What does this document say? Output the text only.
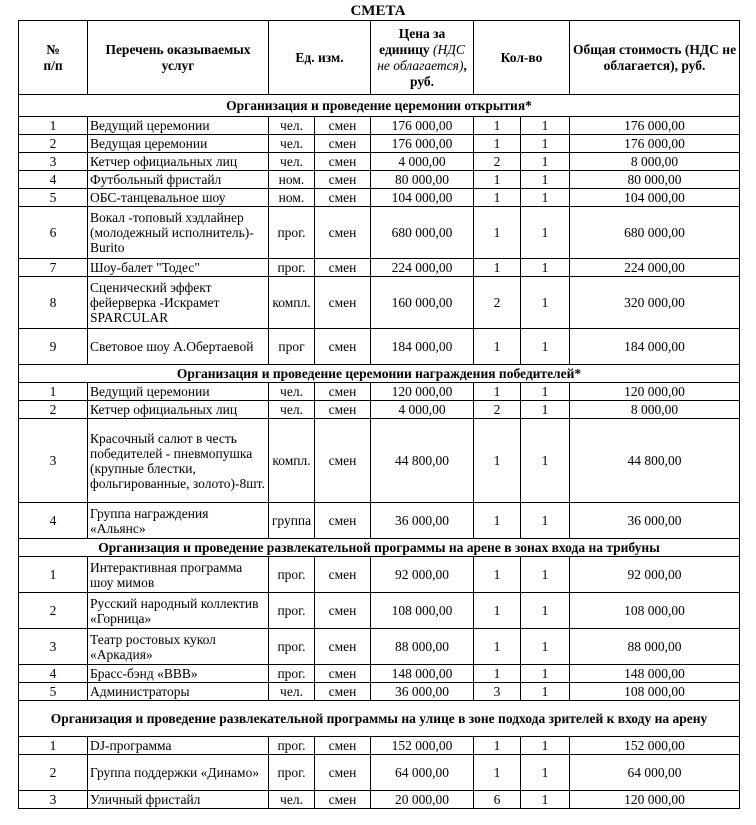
СМЕТА
№
п/п	Перечень оказываемых услуг	Ед. изм.		Цена за единицу (НДС не облагается), руб.	Кол-во		Общая стоимость (НДС не облагается), руб.
Организация и проведение церемонии открытия*							
1	Ведущий церемонии	чел.	смен	176 000,00	1	1	176 000,00
2	Ведущая церемонии	чел.	смен	176 000,00	1	1	176 000,00
3	Кетчер официальных лиц	чел.	смен	4 000,00	2	1	8 000,00
4	Футбольный фристайл	ном.	смен	80 000,00	1	1	80 000,00
5	ОБС-танцевальное шоу	ном.	смен	104 000,00	1	1	104 000,00
6	Вокал -топовый хэдлайнер (молодежный исполнитель)-Burito	прог.	смен	680 000,00	1	1	680 000,00
7	Шоу-балет "Тодес"	прог.	смен	224 000,00	1	1	224 000,00
8	Сценический эффект фейерверка -Искрамет SPARCULAR	компл.	смен	160 000,00	2	1	320 000,00
9	Световое шоу А.Обертаевой	прог	смен	184 000,00	1	1	184 000,00
Организация и проведение церемонии награждения победителей*							
1	Ведущий церемонии	чел.	смен	120 000,00	1	1	120 000,00
2	Кетчер официальных лиц	чел.	смен	4 000,00	2	1	8 000,00
3	Красочный салют в честь победителей - пневмопушка (крупные блестки, фольгированные, золото)-8шт.	компл.	смен	44 800,00	1	1	44 800,00
4	Группа награждения «Альянс»	группа	смен	36 000,00	1	1	36 000,00
Организация и проведение развлекательной программы на арене в зонах входа на трибуны							
1	Интерактивная программа шоу мимов	прог.	смен	92 000,00	1	1	92 000,00
2	Русский народный коллектив «Горница»	прог.	смен	108 000,00	1	1	108 000,00
3	Театр ростовых кукол «Аркадия»	прог.	смен	88 000,00	1	1	88 000,00
4	Брасс-бэнд «BBB»	прог.	смен	148 000,00	1	1	148 000,00
5	Администраторы	чел.	смен	36 000,00	3	1	108 000,00
Организация и проведение развлекательной программы на улице в зоне подхода зрителей к входу на арену							
1	DJ-программа	прог.	смен	152 000,00	1	1	152 000,00
2	Группа поддержки «Динамо»	прог.	смен	64 000,00	1	1	64 000,00
3	Уличный фристайл	чел.	смен	20 000,00	6	1	120 000,00
